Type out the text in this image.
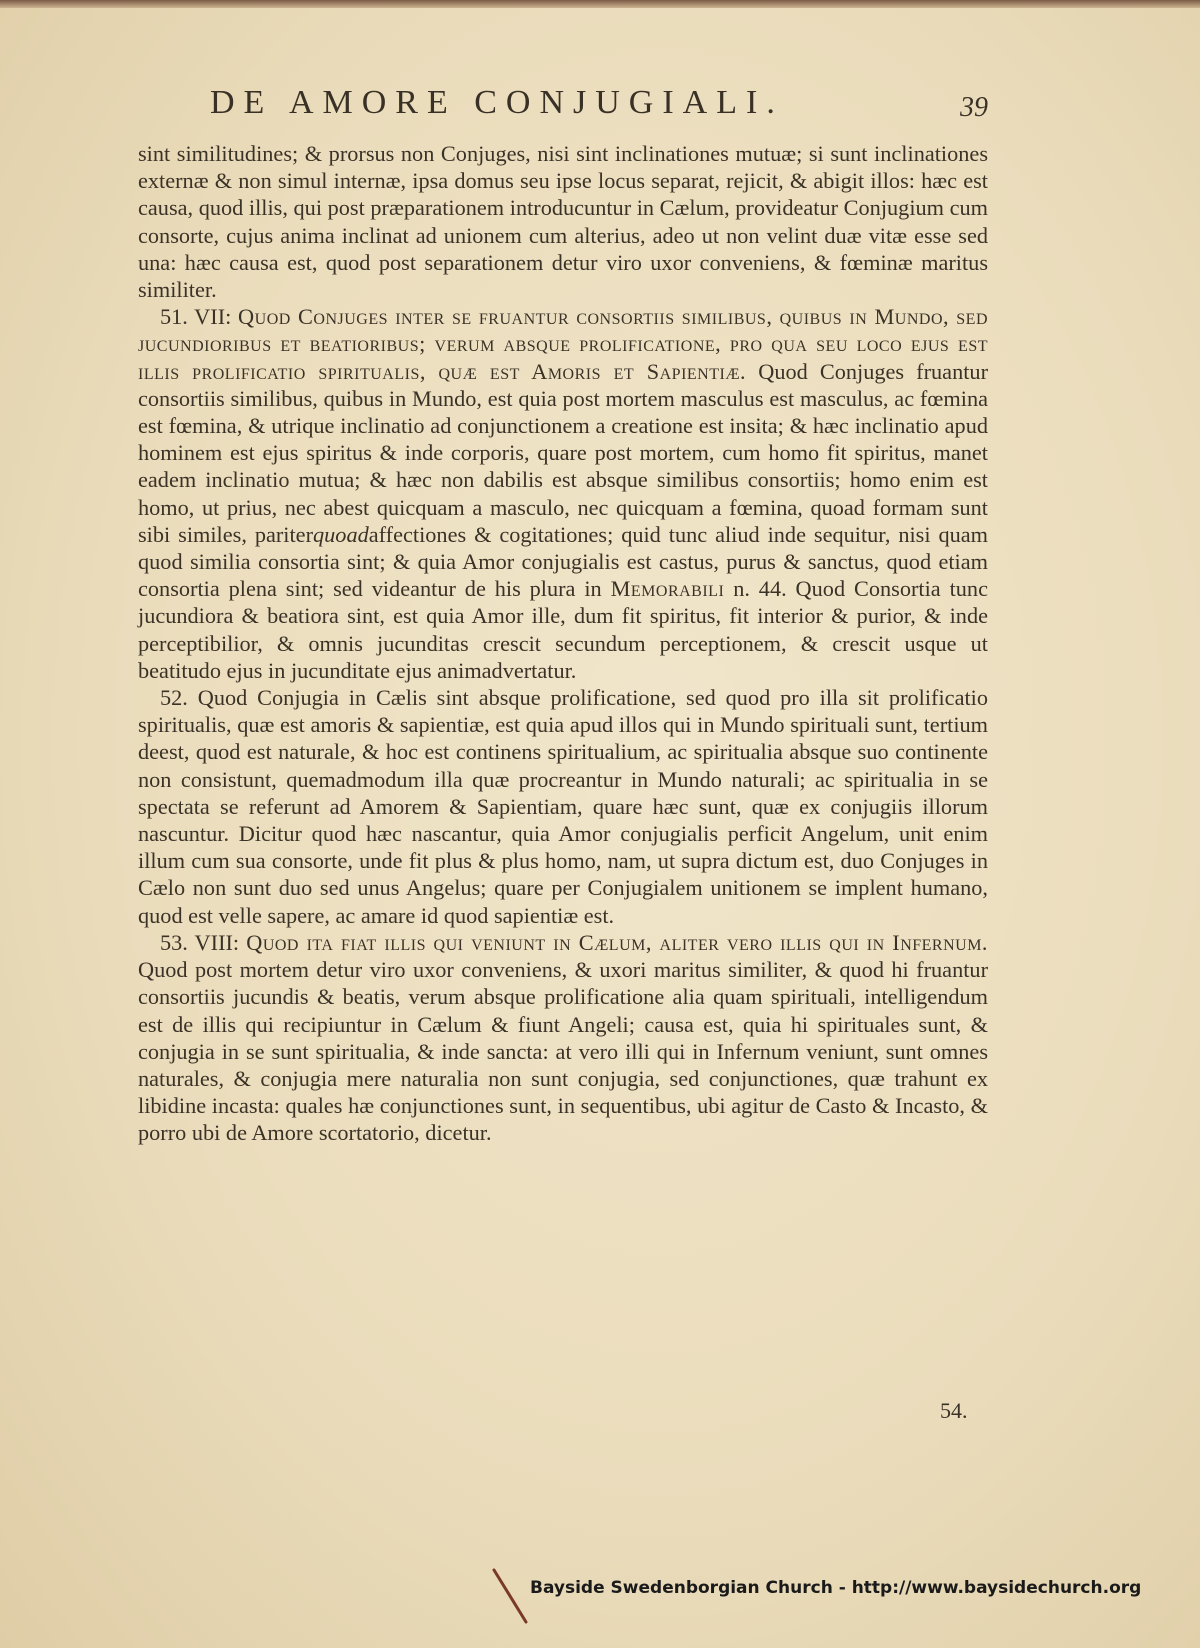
DE AMORE CONJUGIALI.	39

sint similitudines; & prorsus non Conjuges, nisi sint inclinationes mutuæ; si sunt inclinationes externæ & non simul internæ, ipsa domus seu ipse locus separat, rejicit, & abigit illos: hæc est causa, quod illis, qui post præparationem introducuntur in Cælum, provideatur Conjugium cum consorte, cujus anima inclinat ad unionem cum alterius, adeo ut non velint duæ vitæ esse sed una: hæc causa est, quod post separationem detur viro uxor conveniens, & fœminæ maritus similiter.

51. VII: Quod Conjuges inter se fruantur consortiis similibus, quibus in Mundo, sed jucundioribus et beatioribus; verum absque prolificatione, pro qua seu loco ejus est illis prolificatio spiritualis, quæ est Amoris et Sapientiæ. Quod Conjuges fruantur consortiis similibus, quibus in Mundo, est quia post mortem masculus est masculus, ac fœmina est fœmina, & utrique inclinatio ad conjunctionem a creatione est insita; & hæc inclinatio apud hominem est ejus spiritus & inde corporis, quare post mortem, cum homo fit spiritus, manet eadem inclinatio mutua; & hæc non dabilis est absque similibus consortiis; homo enim est homo, ut prius, nec abest quicquam a masculo, nec quicquam a fœmina, quoad formam sunt sibi similes, pariterquoadaffectiones & cogitationes; quid tunc aliud inde sequitur, nisi quam quod similia consortia sint; & quia Amor conjugialis est castus, purus & sanctus, quod etiam consortia plena sint; sed videantur de his plura in Memorabili n. 44. Quod Consortia tunc jucundiora & beatiora sint, est quia Amor ille, dum fit spiritus, fit interior & purior, & inde perceptibilior, & omnis jucunditas crescit secundum perceptionem, & crescit usque ut beatitudo ejus in jucunditate ejus animadvertatur.

52. Quod Conjugia in Cælis sint absque prolificatione, sed quod pro illa sit prolificatio spiritualis, quæ est amoris & sapientiæ, est quia apud illos qui in Mundo spirituali sunt, tertium deest, quod est naturale, & hoc est continens spiritualium, ac spiritualia absque suo continente non consistunt, quemadmodum illa quæ procreantur in Mundo naturali; ac spiritualia in se spectata se referunt ad Amorem & Sapientiam, quare hæc sunt, quæ ex conjugiis illorum nascuntur. Dicitur quod hæc nascantur, quia Amor conjugialis perficit Angelum, unit enim illum cum sua consorte, unde fit plus & plus homo, nam, ut supra dictum est, duo Conjuges in Cælo non sunt duo sed unus Angelus; quare per Conjugialem unitionem se implent humano, quod est velle sapere, ac amare id quod sapientiæ est.

53. VIII: Quod ita fiat illis qui veniunt in Cælum, aliter vero illis qui in Infernum. Quod post mortem detur viro uxor conveniens, & uxori maritus similiter, & quod hi fruantur consortiis jucundis & beatis, verum absque prolificatione alia quam spirituali, intelligendum est de illis qui recipiuntur in Cælum & fiunt Angeli; causa est, quia hi spirituales sunt, & conjugia in se sunt spiritualia, & inde sancta: at vero illi qui in Infernum veniunt, sunt omnes naturales, & conjugia mere naturalia non sunt conjugia, sed conjunctiones, quæ trahunt ex libidine incasta: quales hæ conjunctiones sunt, in sequentibus, ubi agitur de Casto & Incasto, & porro ubi de Amore scortatorio, dicetur.

54.
Bayside Swedenborgian Church - http://www.baysidechurch.org
